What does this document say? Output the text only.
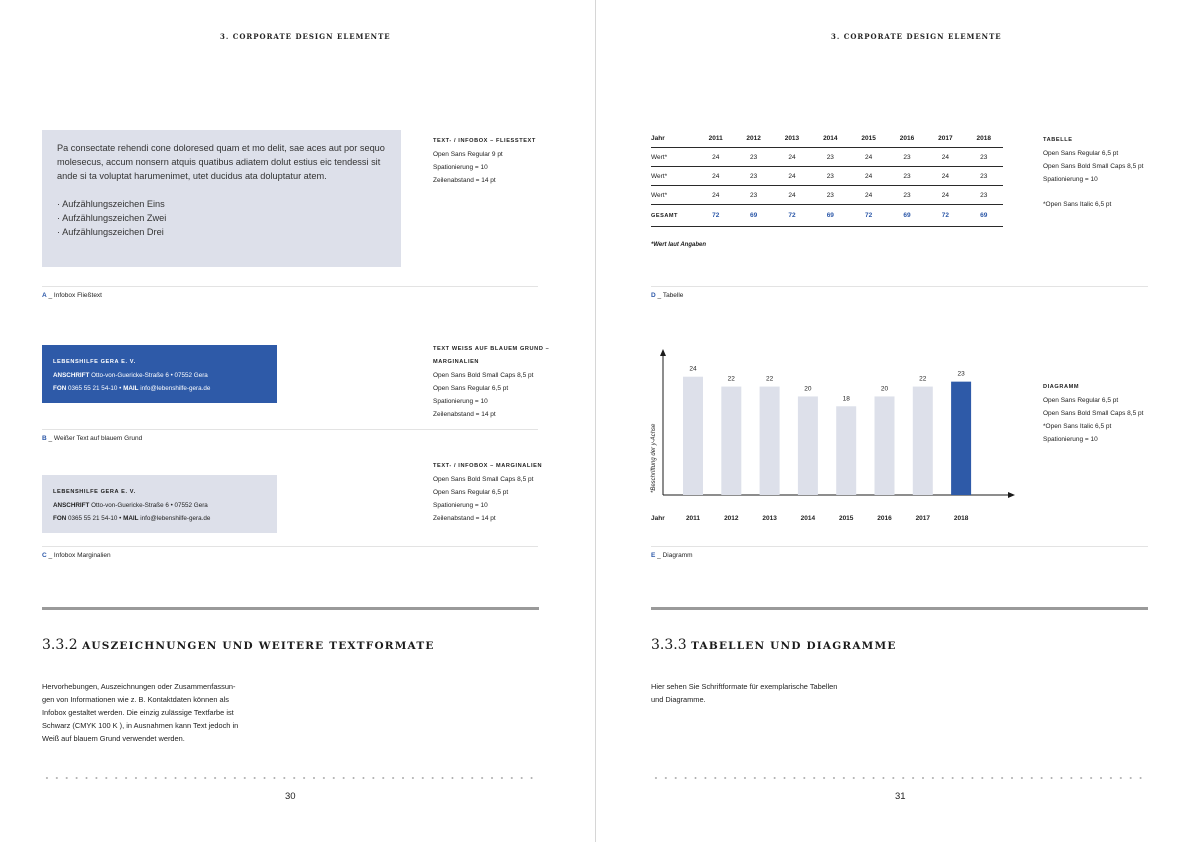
3. CORPORATE DESIGN ELEMENTE
Pa consectate rehendi cone doloresed quam et mo delit, sae aces aut por sequo molesecus, accum nonsern atquis quatibus adiatem dolut estius eic tendessi sit ande si ta voluptat harumenimet, utet ducidus ata doluptatur atem.
· Aufzählungszeichen Eins
· Aufzählungszeichen Zwei
· Aufzählungszeichen Drei
TEXT- / INFOBOX – FLIESSTEXT
Open Sans Regular 9 pt
Spationierung = 10
Zeilenabstand = 14 pt
A _ Infobox Fließtext
LEBENSHILFE GERA E. V.
ANSCHRIFT Otto-von-Guericke-Straße 6 • 07552 Gera
FON 0365 55 21 54-10 • MAIL info@lebenshilfe-gera.de
TEXT WEISS AUF BLAUEM GRUND –
MARGINALIEN
Open Sans Bold Small Caps 8,5 pt
Open Sans Regular 6,5 pt
Spationierung = 10
Zeilenabstand = 14 pt
B _ Weißer Text auf blauem Grund
LEBENSHILFE GERA E. V.
ANSCHRIFT Otto-von-Guericke-Straße 6 • 07552 Gera
FON 0365 55 21 54-10 • MAIL info@lebenshilfe-gera.de
TEXT- / INFOBOX – MARGINALIEN
Open Sans Bold Small Caps 8,5 pt
Open Sans Regular 6,5 pt
Spationierung = 10
Zeilenabstand = 14 pt
C _ Infobox Marginalien
3.3.2 AUSZEICHNUNGEN UND WEITERE TEXTFORMATE
Hervorhebungen, Auszeichnungen oder Zusammenfassun-
gen von Informationen wie z. B. Kontaktdaten können als
Infobox gestaltet werden. Die einzig zulässige Textfarbe ist
Schwarz (CMYK 100 K ), in Ausnahmen kann Text jedoch in
Weiß auf blauem Grund verwendet werden.
30
3. CORPORATE DESIGN ELEMENTE
Jahr	2011	2012	2013	2014	2015	2016	2017	2018
Wert*	24	23	24	23	24	23	24	23
Wert*	24	23	24	23	24	23	24	23
Wert*	24	23	24	23	24	23	24	23
GESAMT	72	69	72	69	72	69	72	69
*Wert laut Angaben
TABELLE
Open Sans Regular 6,5 pt
Open Sans Bold Small Caps 8,5 pt
Spationierung = 10
*Open Sans Italic 6,5 pt
D _ Tabelle
*Beschriftung der y-Achse
Jahr
24
2011
22
2012
22
2013
20
2014
18
2015
20
2016
22
2017
23
2018
DIAGRAMM
Open Sans Regular 6,5 pt
Open Sans Bold Small Caps 8,5 pt
*Open Sans Italic 6,5 pt
Spationierung = 10
E _ Diagramm
3.3.3 TABELLEN UND DIAGRAMME
Hier sehen Sie Schriftformate für exemplarische Tabellen
und Diagramme.
31
